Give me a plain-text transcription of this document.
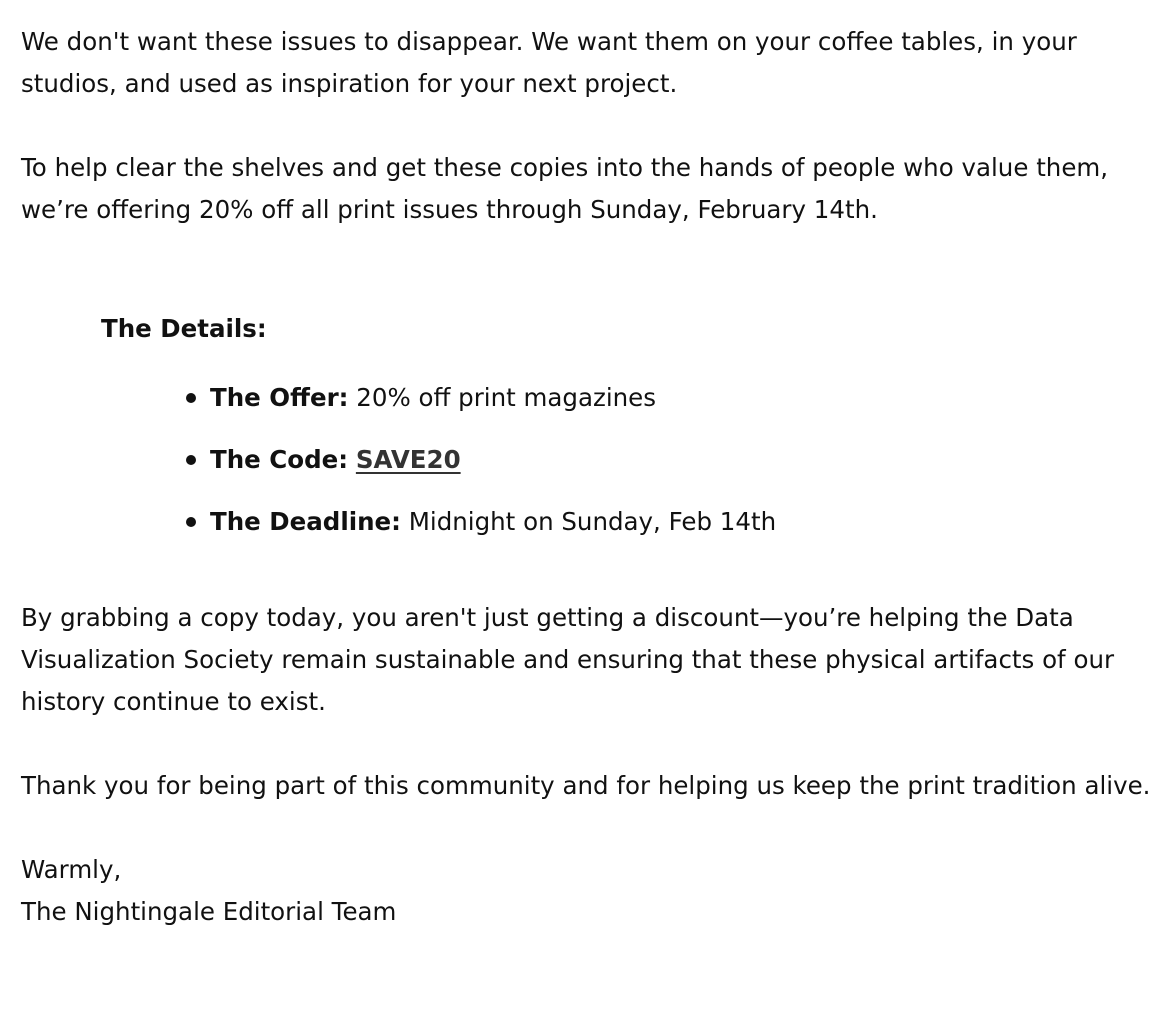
We don't want these issues to disappear. We want them on your coffee tables, in your studios, and used as inspiration for your next project.

To help clear the shelves and get these copies into the hands of people who value them, we’re offering 20% off all print issues through Sunday, February 14th.

The Details:

The Offer: 20% off print magazines
The Code: SAVE20
The Deadline: Midnight on Sunday, Feb 14th

By grabbing a copy today, you aren't just getting a discount—you’re helping the Data Visualization Society remain sustainable and ensuring that these physical artifacts of our history continue to exist.

Thank you for being part of this community and for helping us keep the print tradition alive.

Warmly,

The Nightingale Editorial Team
